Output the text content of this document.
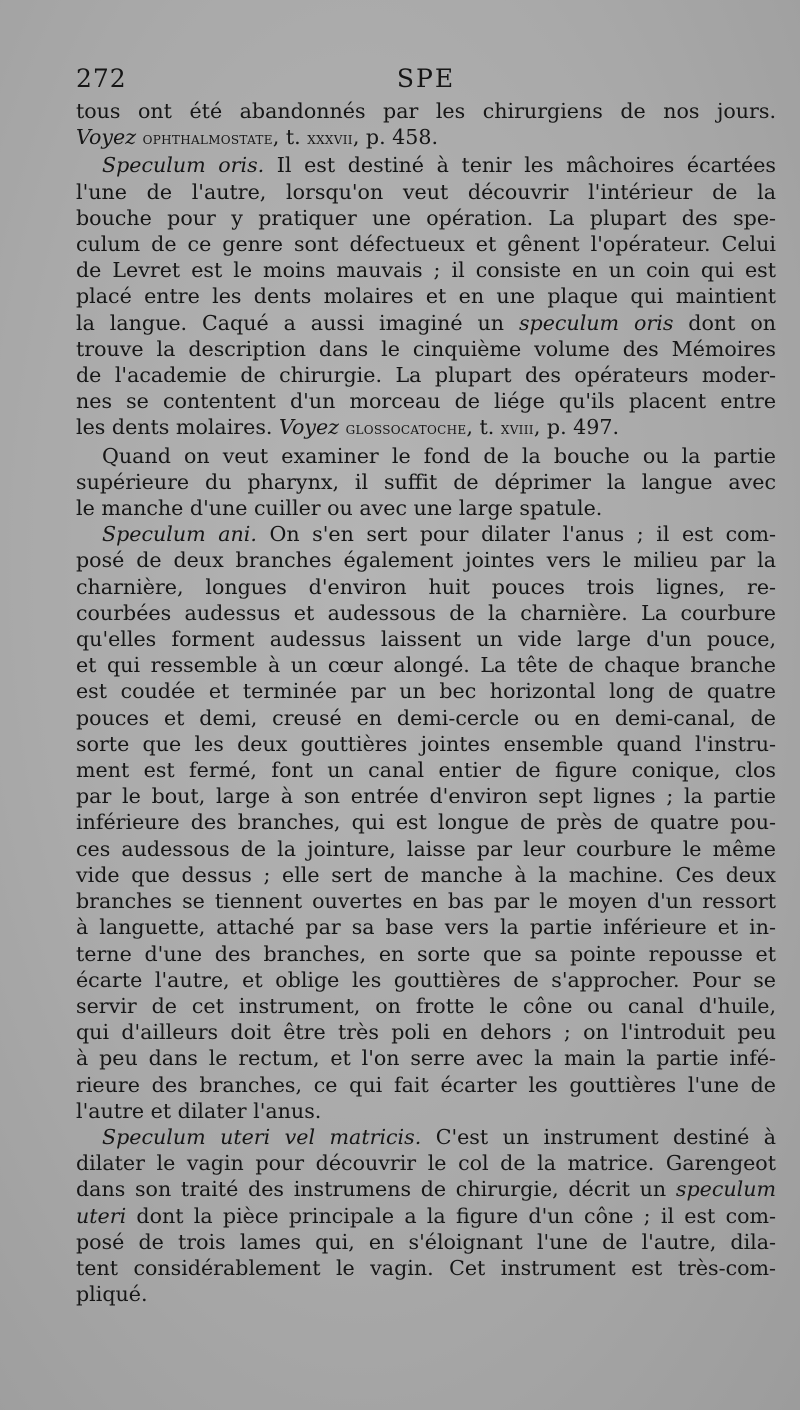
272	SPE

tous ont été abandonnés par les chirurgiens de nos jours.
Voyez ophthalmostate, t. xxxvii, p. 458.

Speculum oris. Il est destiné à tenir les mâchoires écartées
l'une de l'autre, lorsqu'on veut découvrir l'intérieur de la
bouche pour y pratiquer une opération. La plupart des spe-
culum de ce genre sont défectueux et gênent l'opérateur. Celui
de Levret est le moins mauvais ; il consiste en un coin qui est
placé entre les dents molaires et en une plaque qui maintient
la langue. Caqué a aussi imaginé un speculum oris dont on
trouve la description dans le cinquième volume des Mémoires
de l'academie de chirurgie. La plupart des opérateurs moder-
nes se contentent d'un morceau de liége qu'ils placent entre
les dents molaires. Voyez glossocatoche, t. xviii, p. 497.

Quand on veut examiner le fond de la bouche ou la partie
supérieure du pharynx, il suffit de déprimer la langue avec
le manche d'une cuiller ou avec une large spatule.

Speculum ani. On s'en sert pour dilater l'anus ; il est com-
posé de deux branches également jointes vers le milieu par la
charnière, longues d'environ huit pouces trois lignes, re-
courbées audessus et audessous de la charnière. La courbure
qu'elles forment audessus laissent un vide large d'un pouce,
et qui ressemble à un cœur alongé. La tête de chaque branche
est coudée et terminée par un bec horizontal long de quatre
pouces et demi, creusé en demi-cercle ou en demi-canal, de
sorte que les deux gouttières jointes ensemble quand l'instru-
ment est fermé, font un canal entier de figure conique, clos
par le bout, large à son entrée d'environ sept lignes ; la partie
inférieure des branches, qui est longue de près de quatre pou-
ces audessous de la jointure, laisse par leur courbure le même
vide que dessus ; elle sert de manche à la machine. Ces deux
branches se tiennent ouvertes en bas par le moyen d'un ressort
à languette, attaché par sa base vers la partie inférieure et in-
terne d'une des branches, en sorte que sa pointe repousse et
écarte l'autre, et oblige les gouttières de s'approcher. Pour se
servir de cet instrument, on frotte le cône ou canal d'huile,
qui d'ailleurs doit être très poli en dehors ; on l'introduit peu
à peu dans le rectum, et l'on serre avec la main la partie infé-
rieure des branches, ce qui fait écarter les gouttières l'une de
l'autre et dilater l'anus.

Speculum uteri vel matricis. C'est un instrument destiné à
dilater le vagin pour découvrir le col de la matrice. Garengeot
dans son traité des instrumens de chirurgie, décrit un speculum
uteri dont la pièce principale a la figure d'un cône ; il est com-
posé de trois lames qui, en s'éloignant l'une de l'autre, dila-
tent considérablement le vagin. Cet instrument est très-com-
pliqué.
